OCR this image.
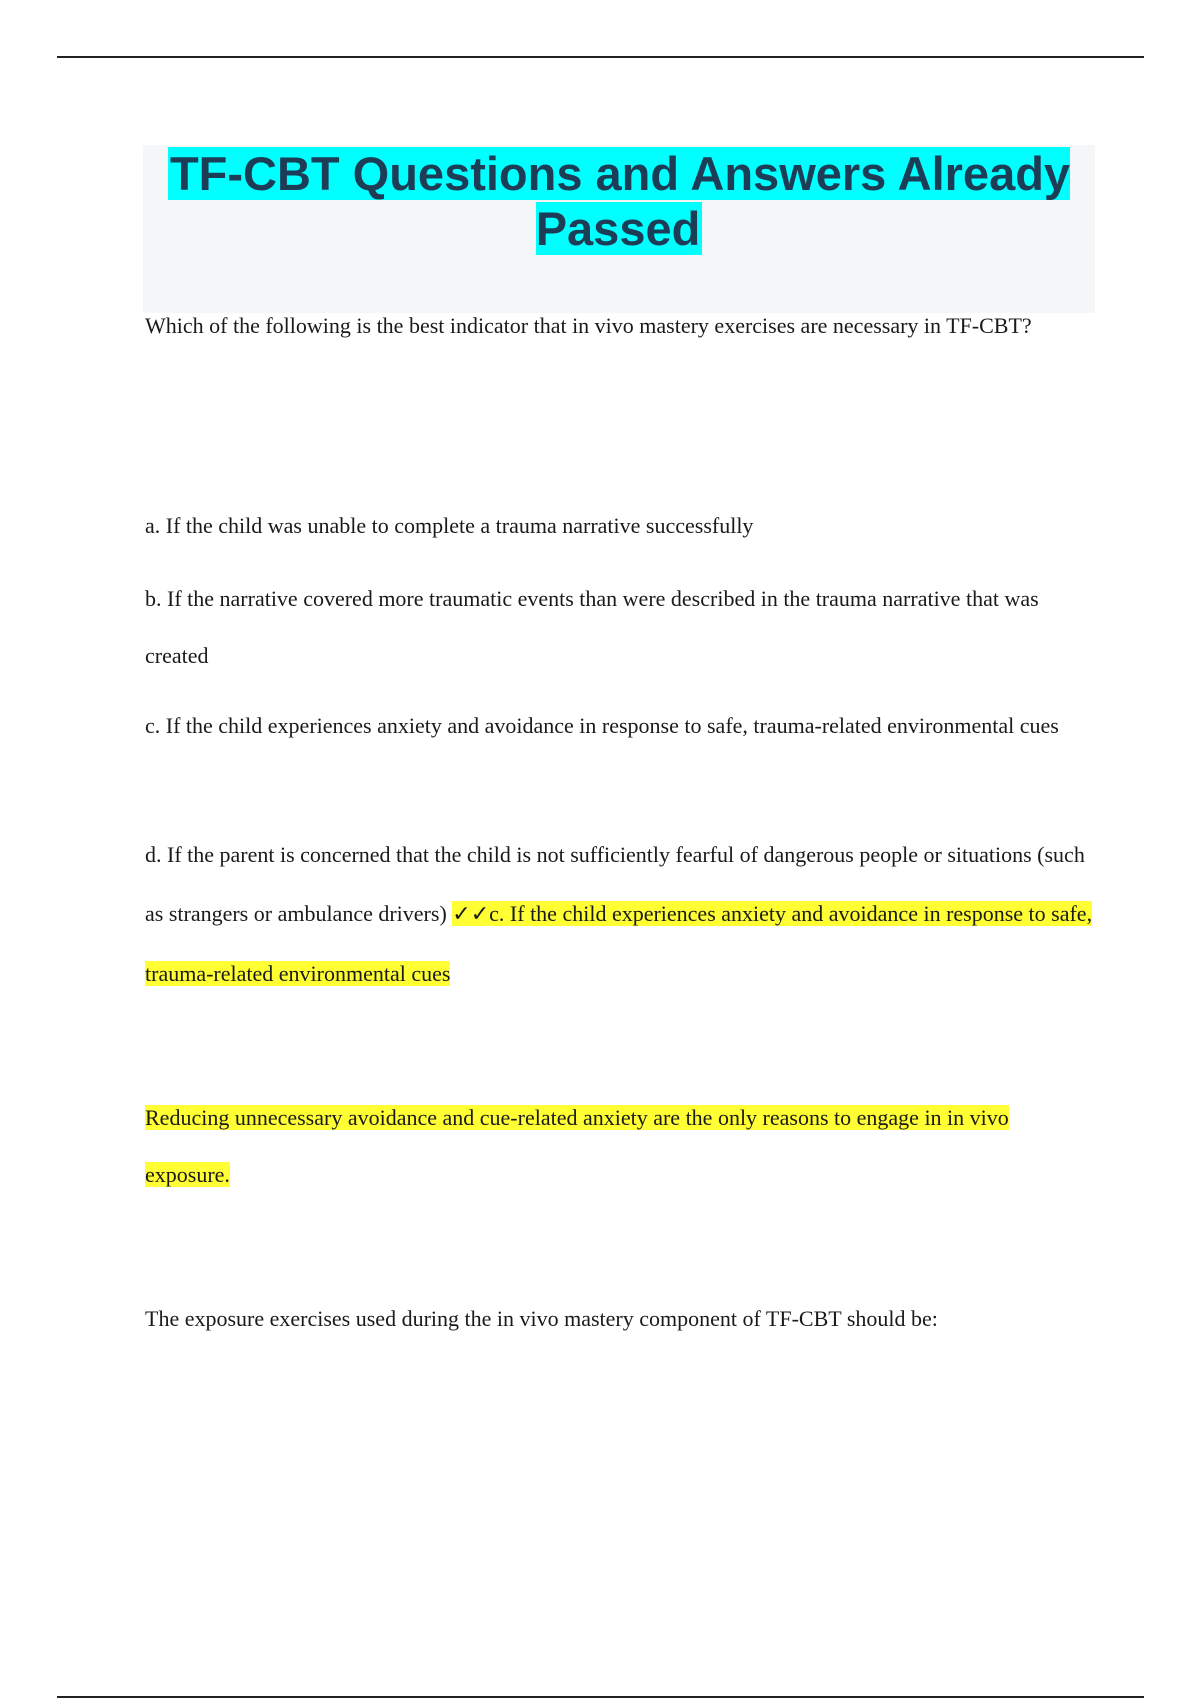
TF-CBT Questions and Answers Already Passed

Which of the following is the best indicator that in vivo mastery exercises are necessary in TF-CBT?

a. If the child was unable to complete a trauma narrative successfully

b. If the narrative covered more traumatic events than were described in the trauma narrative that was created

c. If the child experiences anxiety and avoidance in response to safe, trauma-related environmental cues

d. If the parent is concerned that the child is not sufficiently fearful of dangerous people or situations (such as strangers or ambulance drivers) ✓✓c. If the child experiences anxiety and avoidance in response to safe, trauma-related environmental cues

Reducing unnecessary avoidance and cue-related anxiety are the only reasons to engage in in vivo exposure.

The exposure exercises used during the in vivo mastery component of TF-CBT should be:
